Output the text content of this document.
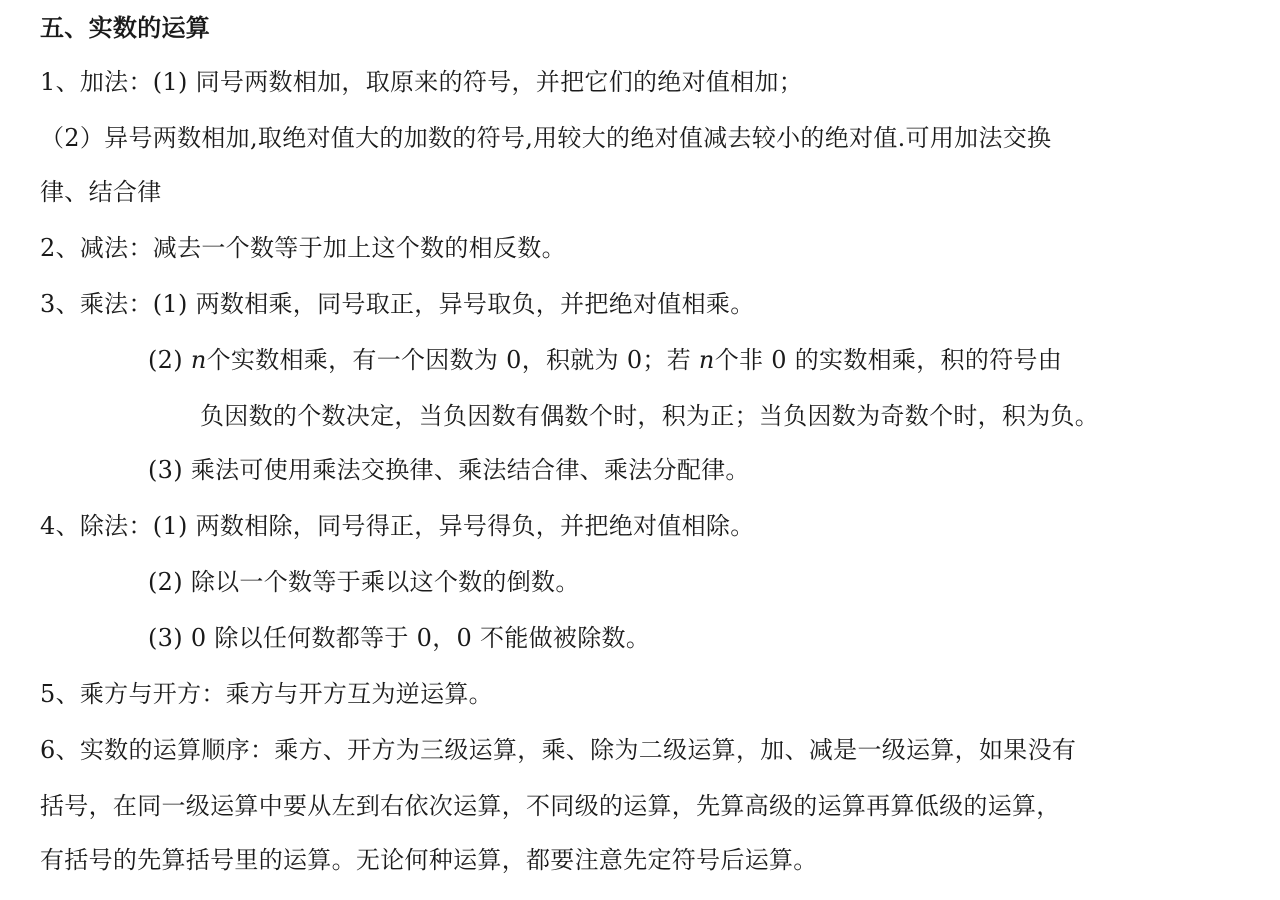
五、实数的运算
1、加法：(1) 同号两数相加，取原来的符号，并把它们的绝对值相加；
（2）异号两数相加,取绝对值大的加数的符号,用较大的绝对值减去较小的绝对值.可用加法交换
律、结合律
2、减法：减去一个数等于加上这个数的相反数。
3、乘法：(1) 两数相乘，同号取正，异号取负，并把绝对值相乘。
(2) n个实数相乘，有一个因数为 0，积就为 0；若 n个非 0 的实数相乘，积的符号由
负因数的个数决定，当负因数有偶数个时，积为正；当负因数为奇数个时，积为负。
(3) 乘法可使用乘法交换律、乘法结合律、乘法分配律。
4、除法：(1) 两数相除，同号得正，异号得负，并把绝对值相除。
(2) 除以一个数等于乘以这个数的倒数。
(3) 0 除以任何数都等于 0，0 不能做被除数。
5、乘方与开方：乘方与开方互为逆运算。
6、实数的运算顺序：乘方、开方为三级运算，乘、除为二级运算，加、减是一级运算，如果没有
括号，在同一级运算中要从左到右依次运算，不同级的运算，先算高级的运算再算低级的运算，
有括号的先算括号里的运算。无论何种运算，都要注意先定符号后运算。
